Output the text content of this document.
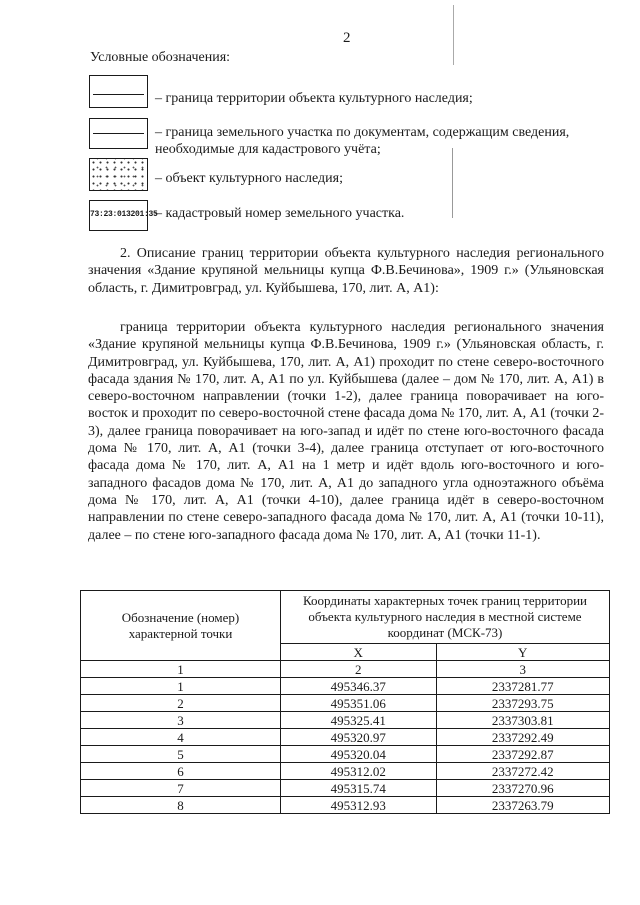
2
Условные обозначения:
– граница территории объекта культурного наследия;
– граница земельного участка по документам, содержащим сведения, необходимые для кадастрового учёта;
– объект культурного наследия;
73:23:013201:35
– кадастровый номер земельного участка.
2. Описание границ территории объекта культурного наследия регионального значения «Здание крупяной мельницы купца Ф.В.Бечинова», 1909 г.» (Ульяновская область, г. Димитровград, ул. Куйбышева, 170, лит. А, А1):
граница территории объекта культурного наследия регионального значения «Здание крупяной мельницы купца Ф.В.Бечинова, 1909 г.» (Ульяновская область, г. Димитровград, ул. Куйбышева, 170, лит. А, А1) проходит по стене северо-восточного фасада здания № 170, лит. А, А1 по ул. Куйбышева (далее – дом № 170, лит. А, А1) в северо-восточном направлении (точки 1-2), далее граница поворачивает на юго-восток и проходит по северо-восточной стене фасада дома № 170, лит. А, А1 (точки 2-3), далее граница поворачивает на юго-запад и идёт по стене юго-восточного фасада дома № 170, лит. А, А1 (точки 3-4), далее граница отступает от юго-восточного фасада дома № 170, лит. А, А1 на 1 метр и идёт вдоль юго-восточного и юго-западного фасадов дома № 170, лит. А, А1 до западного угла одноэтажного объёма дома № 170, лит. А, А1 (точки 4-10), далее граница идёт в северо-восточном направлении по стене северо-западного фасада дома № 170, лит. А, А1 (точки 10-11), далее – по стене юго-западного фасада дома № 170, лит. А, А1 (точки 11-1).
Обозначение (номер) характерной точки	Координаты характерных точек границ территории объекта культурного наследия в местной системе координат (МСК-73)	
	X	Y
1	2	3
1	495346.37	2337281.77
2	495351.06	2337293.75
3	495325.41	2337303.81
4	495320.97	2337292.49
5	495320.04	2337292.87
6	495312.02	2337272.42
7	495315.74	2337270.96
8	495312.93	2337263.79
